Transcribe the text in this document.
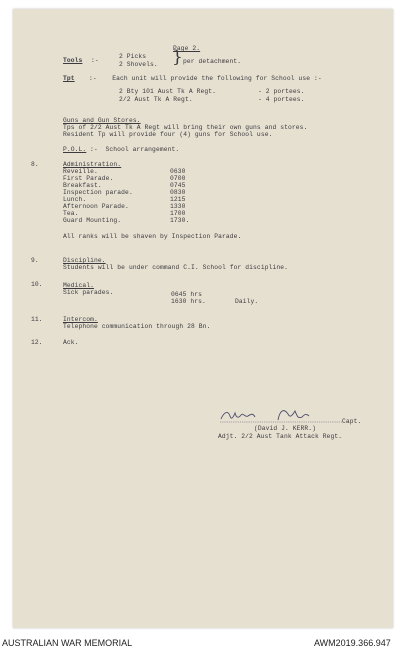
Page 2.
Tools :-
2 Picks
2 Shovels. } per detachment.
Tpt :-    Each unit will provide the following for School use :-
2 Bty 101 Aust Tk A Regt.	- 2 portees.
2/2 Aust Tk A Regt.	- 4 portees.
Guns and Gun Stores.
Tps of 2/2 Aust Tk A Regt will bring their own guns and stores.
Resident Tp will provide four (4) guns for School use.
P.O.L. :-  School arrangement.
8.	Administration.
Reveille.	0630
First Parade.	0700
Breakfast.	0745
Inspection parade.	0830
Lunch.	1215
Afternoon Parade.	1330
Tea.	1700
Guard Mounting.	1730.
All ranks will be shaven by Inspection Parade.
9.	Discipline.
Students will be under command C.I. School for discipline.
10.	Medical.
Sick parades.	0645 hrs
1630 hrs.	Daily.
11.	Intercom.
Telephone communication through 28 Bn.
12.	Ack.
Capt.
(David J. KERR.)
Adjt. 2/2 Aust Tank Attack Regt.
AUSTRALIAN WAR MEMORIAL	AWM2019.366.947
